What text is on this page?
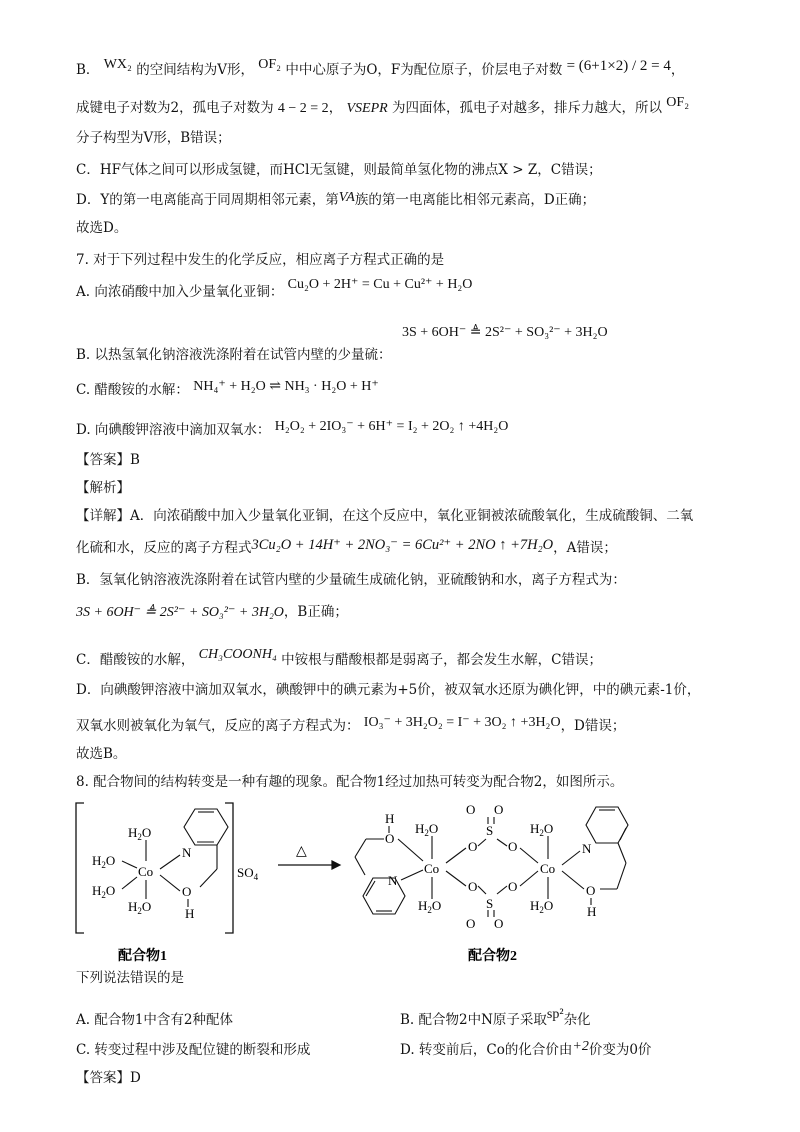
B． WX₂ 的空间结构为V形， OF₂ 中中心原子为O，F为配位原子，价层电子对数 = (6+1×2) / 2 = 4，
成键电子对数为2，孤电子对数为 4 − 2 = 2， VSEPR 为四面体，孤电子对越多，排斥力越大，所以 OF₂
分子构型为V形，B错误；
C．HF气体之间可以形成氢键，而HCl无氢键，则最简单氢化物的沸点X > Z，C错误；
D．Y的第一电离能高于同周期相邻元素，第VA族的第一电离能比相邻元素高，D正确；
故选D。
7. 对于下列过程中发生的化学反应，相应离子方程式正确的是
A. 向浓硝酸中加入少量氧化亚铜： Cu₂O + 2H⁺ = Cu + Cu²⁺ + H₂O
3S + 6OH⁻ ≜ 2S²⁻ + SO₃²⁻ + 3H₂O
B. 以热氢氧化钠溶液洗涤附着在试管内壁的少量硫：
C. 醋酸铵的水解： NH₄⁺ + H₂O ⇌ NH₃ · H₂O + H⁺
D. 向碘酸钾溶液中滴加双氧水： H₂O₂ + 2IO₃⁻ + 6H⁺ = I₂ + 2O₂ ↑ +4H₂O
【答案】B
【解析】
【详解】A．向浓硝酸中加入少量氧化亚铜，在这个反应中，氧化亚铜被浓硫酸氧化，生成硫酸铜、二氧
化硫和水，反应的离子方程式3Cu₂O + 14H⁺ + 2NO₃⁻ = 6Cu²⁺ + 2NO ↑ +7H₂O，A错误；
B．氢氧化钠溶液洗涤附着在试管内壁的少量硫生成硫化钠，亚硫酸钠和水，离子方程式为：
3S + 6OH⁻ ≜ 2S²⁻ + SO₃²⁻ + 3H₂O，B正确；
C．醋酸铵的水解， CH₃COONH₄ 中铵根与醋酸根都是弱离子，都会发生水解，C错误；
D．向碘酸钾溶液中滴加双氧水，碘酸钾中的碘元素为+5价，被双氧水还原为碘化钾，中的碘元素-1价，
双氧水则被氧化为氧气，反应的离子方程式为： IO₃⁻ + 3H₂O₂ = I⁻ + 3O₂ ↑ +3H₂O，D错误；
故选B。
8. 配合物间的结构转变是一种有趣的现象。配合物1经过加热可转变为配合物2，如图所示。
$H_2O$
$H_2O$
$H_2O$
$H_2O$
Co
N
O
H
$SO_4$
△
H
O
$H_2O$
Co
N
$H_2O$
O
S
O O
O
O
S
O O
O
Co
$H_2O$
$H_2O$
N
O
H
配合物1	配合物2
下列说法错误的是
A. 配合物1中含有2种配体	B. 配合物2中N原子采取sp²杂化
C. 转变过程中涉及配位键的断裂和形成	D. 转变前后，Co的化合价由+2价变为0价
【答案】D
